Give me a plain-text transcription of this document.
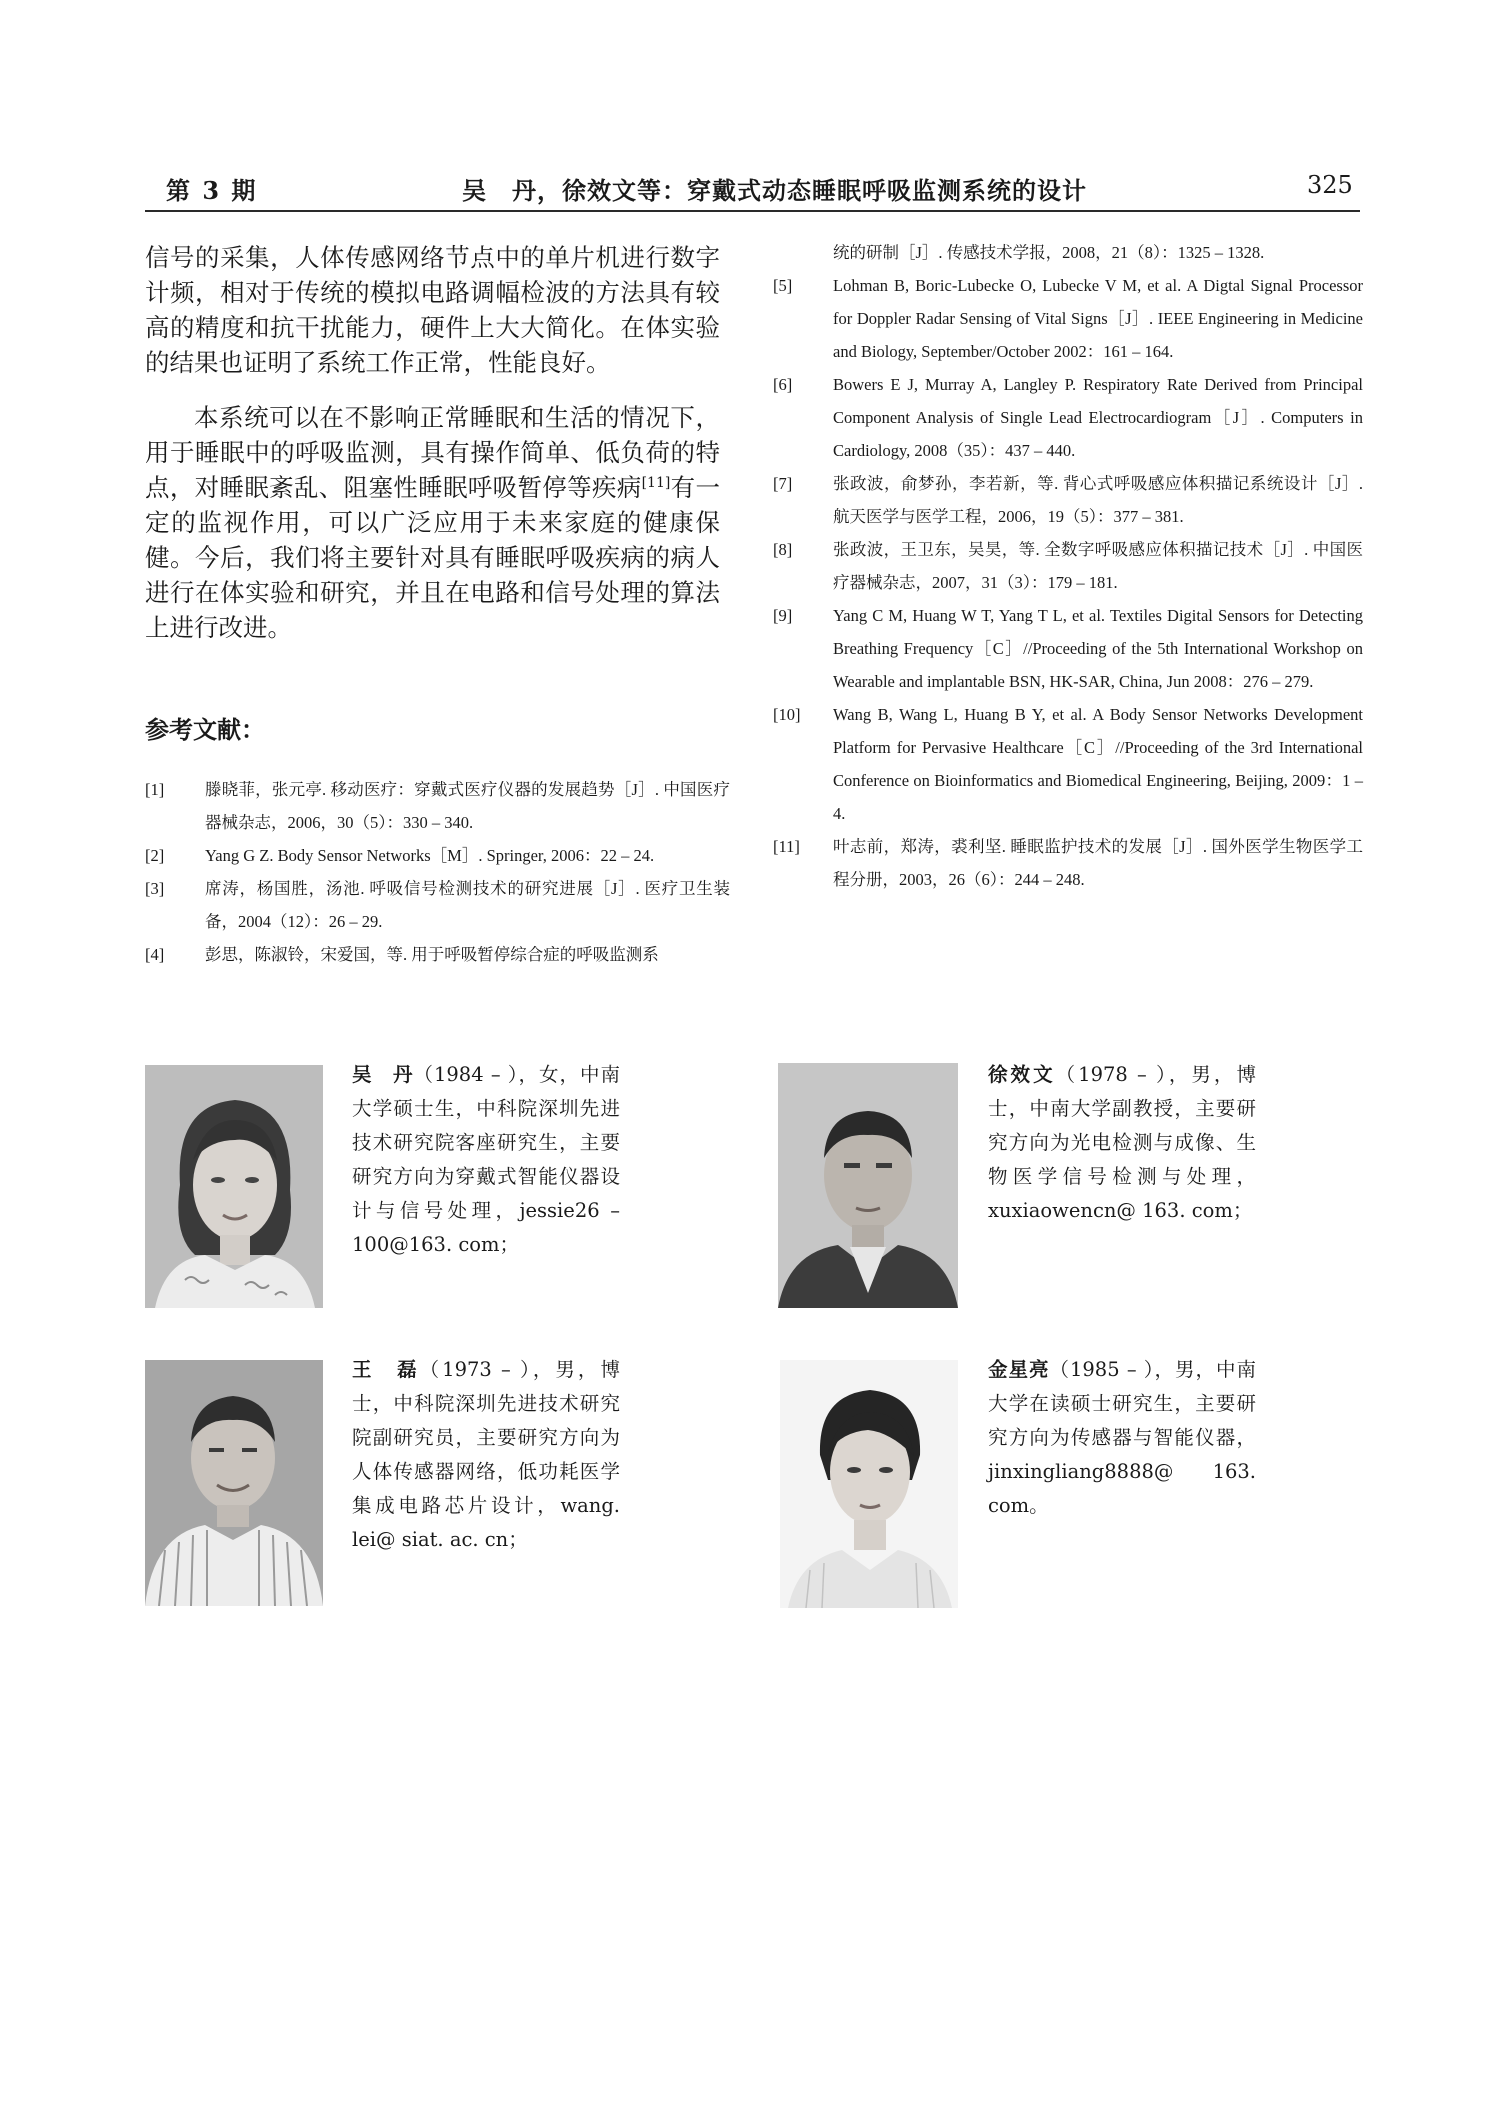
第 3 期	吴　丹，徐效文等：穿戴式动态睡眠呼吸监测系统的设计	325
信号的采集，人体传感网络节点中的单片机进行数字计频，相对于传统的模拟电路调幅检波的方法具有较高的精度和抗干扰能力，硬件上大大简化。在体实验的结果也证明了系统工作正常，性能良好。
本系统可以在不影响正常睡眠和生活的情况下，用于睡眠中的呼吸监测，具有操作简单、低负荷的特点，对睡眠紊乱、阻塞性睡眠呼吸暂停等疾病[11]有一定的监视作用，可以广泛应用于未来家庭的健康保健。今后，我们将主要针对具有睡眠呼吸疾病的病人进行在体实验和研究，并且在电路和信号处理的算法上进行改进。
参考文献：
[1] 滕晓菲，张元亭. 移动医疗：穿戴式医疗仪器的发展趋势［J］. 中国医疗器械杂志，2006，30（5）：330 – 340.
[2] Yang G Z. Body Sensor Networks［M］. Springer, 2006：22 – 24.
[3] 席涛，杨国胜，汤池. 呼吸信号检测技术的研究进展［J］. 医疗卫生装备，2004（12）：26 – 29.
[4] 彭思，陈淑铃，宋爱国，等. 用于呼吸暂停综合症的呼吸监测系
统的研制［J］. 传感技术学报，2008，21（8）：1325 – 1328.
[5] Lohman B, Boric-Lubecke O, Lubecke V M, et al. A Digtal Signal Processor for Doppler Radar Sensing of Vital Signs［J］. IEEE Engineering in Medicine and Biology, September/October 2002：161 – 164.
[6] Bowers E J, Murray A, Langley P. Respiratory Rate Derived from Principal Component Analysis of Single Lead Electrocardiogram［J］. Computers in Cardiology, 2008（35）：437 – 440.
[7] 张政波，俞梦孙，李若新，等. 背心式呼吸感应体积描记系统设计［J］. 航天医学与医学工程，2006，19（5）：377 – 381.
[8] 张政波，王卫东，吴昊，等. 全数字呼吸感应体积描记技术［J］. 中国医疗器械杂志，2007，31（3）：179 – 181.
[9] Yang C M, Huang W T, Yang T L, et al. Textiles Digital Sensors for Detecting Breathing Frequency［C］//Proceeding of the 5th International Workshop on Wearable and implantable BSN, HK-SAR, China, Jun 2008：276 – 279.
[10] Wang B, Wang L, Huang B Y, et al. A Body Sensor Networks Development Platform for Pervasive Healthcare［C］//Proceeding of the 3rd International Conference on Bioinformatics and Biomedical Engineering, Beijing, 2009：1 – 4.
[11] 叶志前，郑涛，裘利坚. 睡眠监护技术的发展［J］. 国外医学生物医学工程分册，2003，26（6）：244 – 248.
吴　丹（1984 – ），女，中南大学硕士生，中科院深圳先进技术研究院客座研究生，主要研究方向为穿戴式智能仪器设计与信号处理，jessie26 – 100@163. com；
徐效文（1978 – ），男，博士，中南大学副教授，主要研究方向为光电检测与成像、生物医学信号检测与处理，xuxiaowencn@ 163. com；
王　磊（1973 – ），男，博士，中科院深圳先进技术研究院副研究员，主要研究方向为人体传感器网络，低功耗医学集成电路芯片设计，wang. lei@ siat. ac. cn；
金星亮（1985 – ），男，中南大学在读硕士研究生，主要研究方向为传感器与智能仪器，jinxingliang8888@ 163. com。
